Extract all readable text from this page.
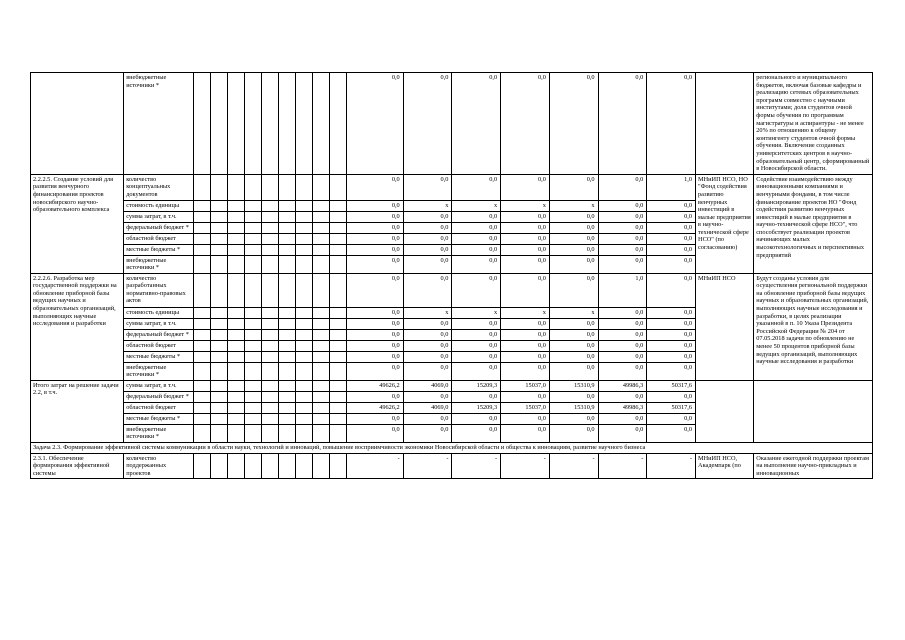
	внебюджетные источники *										0,0	0,0	0,0	0,0	0,0	0,0	0,0		регионального и муниципального бюджетов, включая базовые кафедры и реализацию сетевых образовательных программ совместно с научными институтами; доля студентов очной формы обучения по программам магистратуры и аспирантуры - не менее 20% по отношению к общему контингенту студентов очной формы обучения. Включение созданных университетских центров в научно-образовательный центр, сформированный в Новосибирской области.
2.2.2.5. Создание условий для развития венчурного финансирования проектов новосибирского научно-образовательного комплекса	количество концептуальных документов										0,0	0,0	0,0	0,0	0,0	0,0	1,0	МНиИП НСО, НО "Фонд содействия развитию венчурных инвестиций в малые предприятия в научно-технической сфере НСО" (по согласованию)	Содействие взаимодействию между инновационными компаниями и венчурными фондами, в том числе финансирование проектов НО "Фонд содействия развитию венчурных инвестиций в малые предприятия в научно-технической сфере НСО", что способствует реализации проектов начинающих малых высокотехнологичных и перспективных предприятий
	стоимость единицы										0,0	x	x	x	x	0,0	0,0		
	сумма затрат, в т.ч.										0,0	0,0	0,0	0,0	0,0	0,0	0,0		
	федеральный бюджет *										0,0	0,0	0,0	0,0	0,0	0,0	0,0		
	областной бюджет										0,0	0,0	0,0	0,0	0,0	0,0	0,0		
	местные бюджеты *										0,0	0,0	0,0	0,0	0,0	0,0	0,0		
	внебюджетные источники *										0,0	0,0	0,0	0,0	0,0	0,0	0,0		
2.2.2.6. Разработка мер государственной поддержки на обновление приборной базы ведущих научных и образовательных организаций, выполняющих научные исследования и разработки	количество разработанных нормативно-правовых актов										0,0	0,0	0,0	0,0	0,0	1,0	0,0	МНиИП НСО	Будут созданы условия для осуществления региональной поддержки на обновление приборной базы ведущих научных и образовательных организаций, выполняющих научные исследования и разработки, в целях реализации указанной в п. 10 Указа Президента Российской Федерации № 204 от 07.05.2018 задачи по обновлению не менее 50 процентов приборной базы ведущих организаций, выполняющих научные исследования и разработки
	стоимость единицы										0,0	x	x	x	x	0,0	0,0		
	сумма затрат, в т.ч.										0,0	0,0	0,0	0,0	0,0	0,0	0,0		
	федеральный бюджет *										0,0	0,0	0,0	0,0	0,0	0,0	0,0		
	областной бюджет										0,0	0,0	0,0	0,0	0,0	0,0	0,0		
	местные бюджеты *										0,0	0,0	0,0	0,0	0,0	0,0	0,0		
	внебюджетные источники *										0,0	0,0	0,0	0,0	0,0	0,0	0,0		
Итого затрат на решение задачи 2.2, в т.ч.	сумма затрат, в т.ч.										49626,2	4069,0	15209,3	15037,0	15310,9	49986,3	50317,6		
	федеральный бюджет *										0,0	0,0	0,0	0,0	0,0	0,0	0,0		
	областной бюджет										49626,2	4069,0	15209,3	15037,0	15310,9	49986,3	50317,6		
	местные бюджеты *										0,0	0,0	0,0	0,0	0,0	0,0	0,0		
	внебюджетные источники *										0,0	0,0	0,0	0,0	0,0	0,0	0,0		
Задача 2.3. Формирование эффективной системы коммуникации в области науки, технологий и инноваций, повышение восприимчивости экономики Новосибирской области и общества к инновациям, развитие научного бизнеса																			
2.3.1. Обеспечение формирования эффективной системы	количество поддержанных проектов										-	-	-	-	-	-	-	МНиИП НСО, Академпарк (по	Оказание ежегодной поддержки проектам на выполнение научно-прикладных и инновационных
